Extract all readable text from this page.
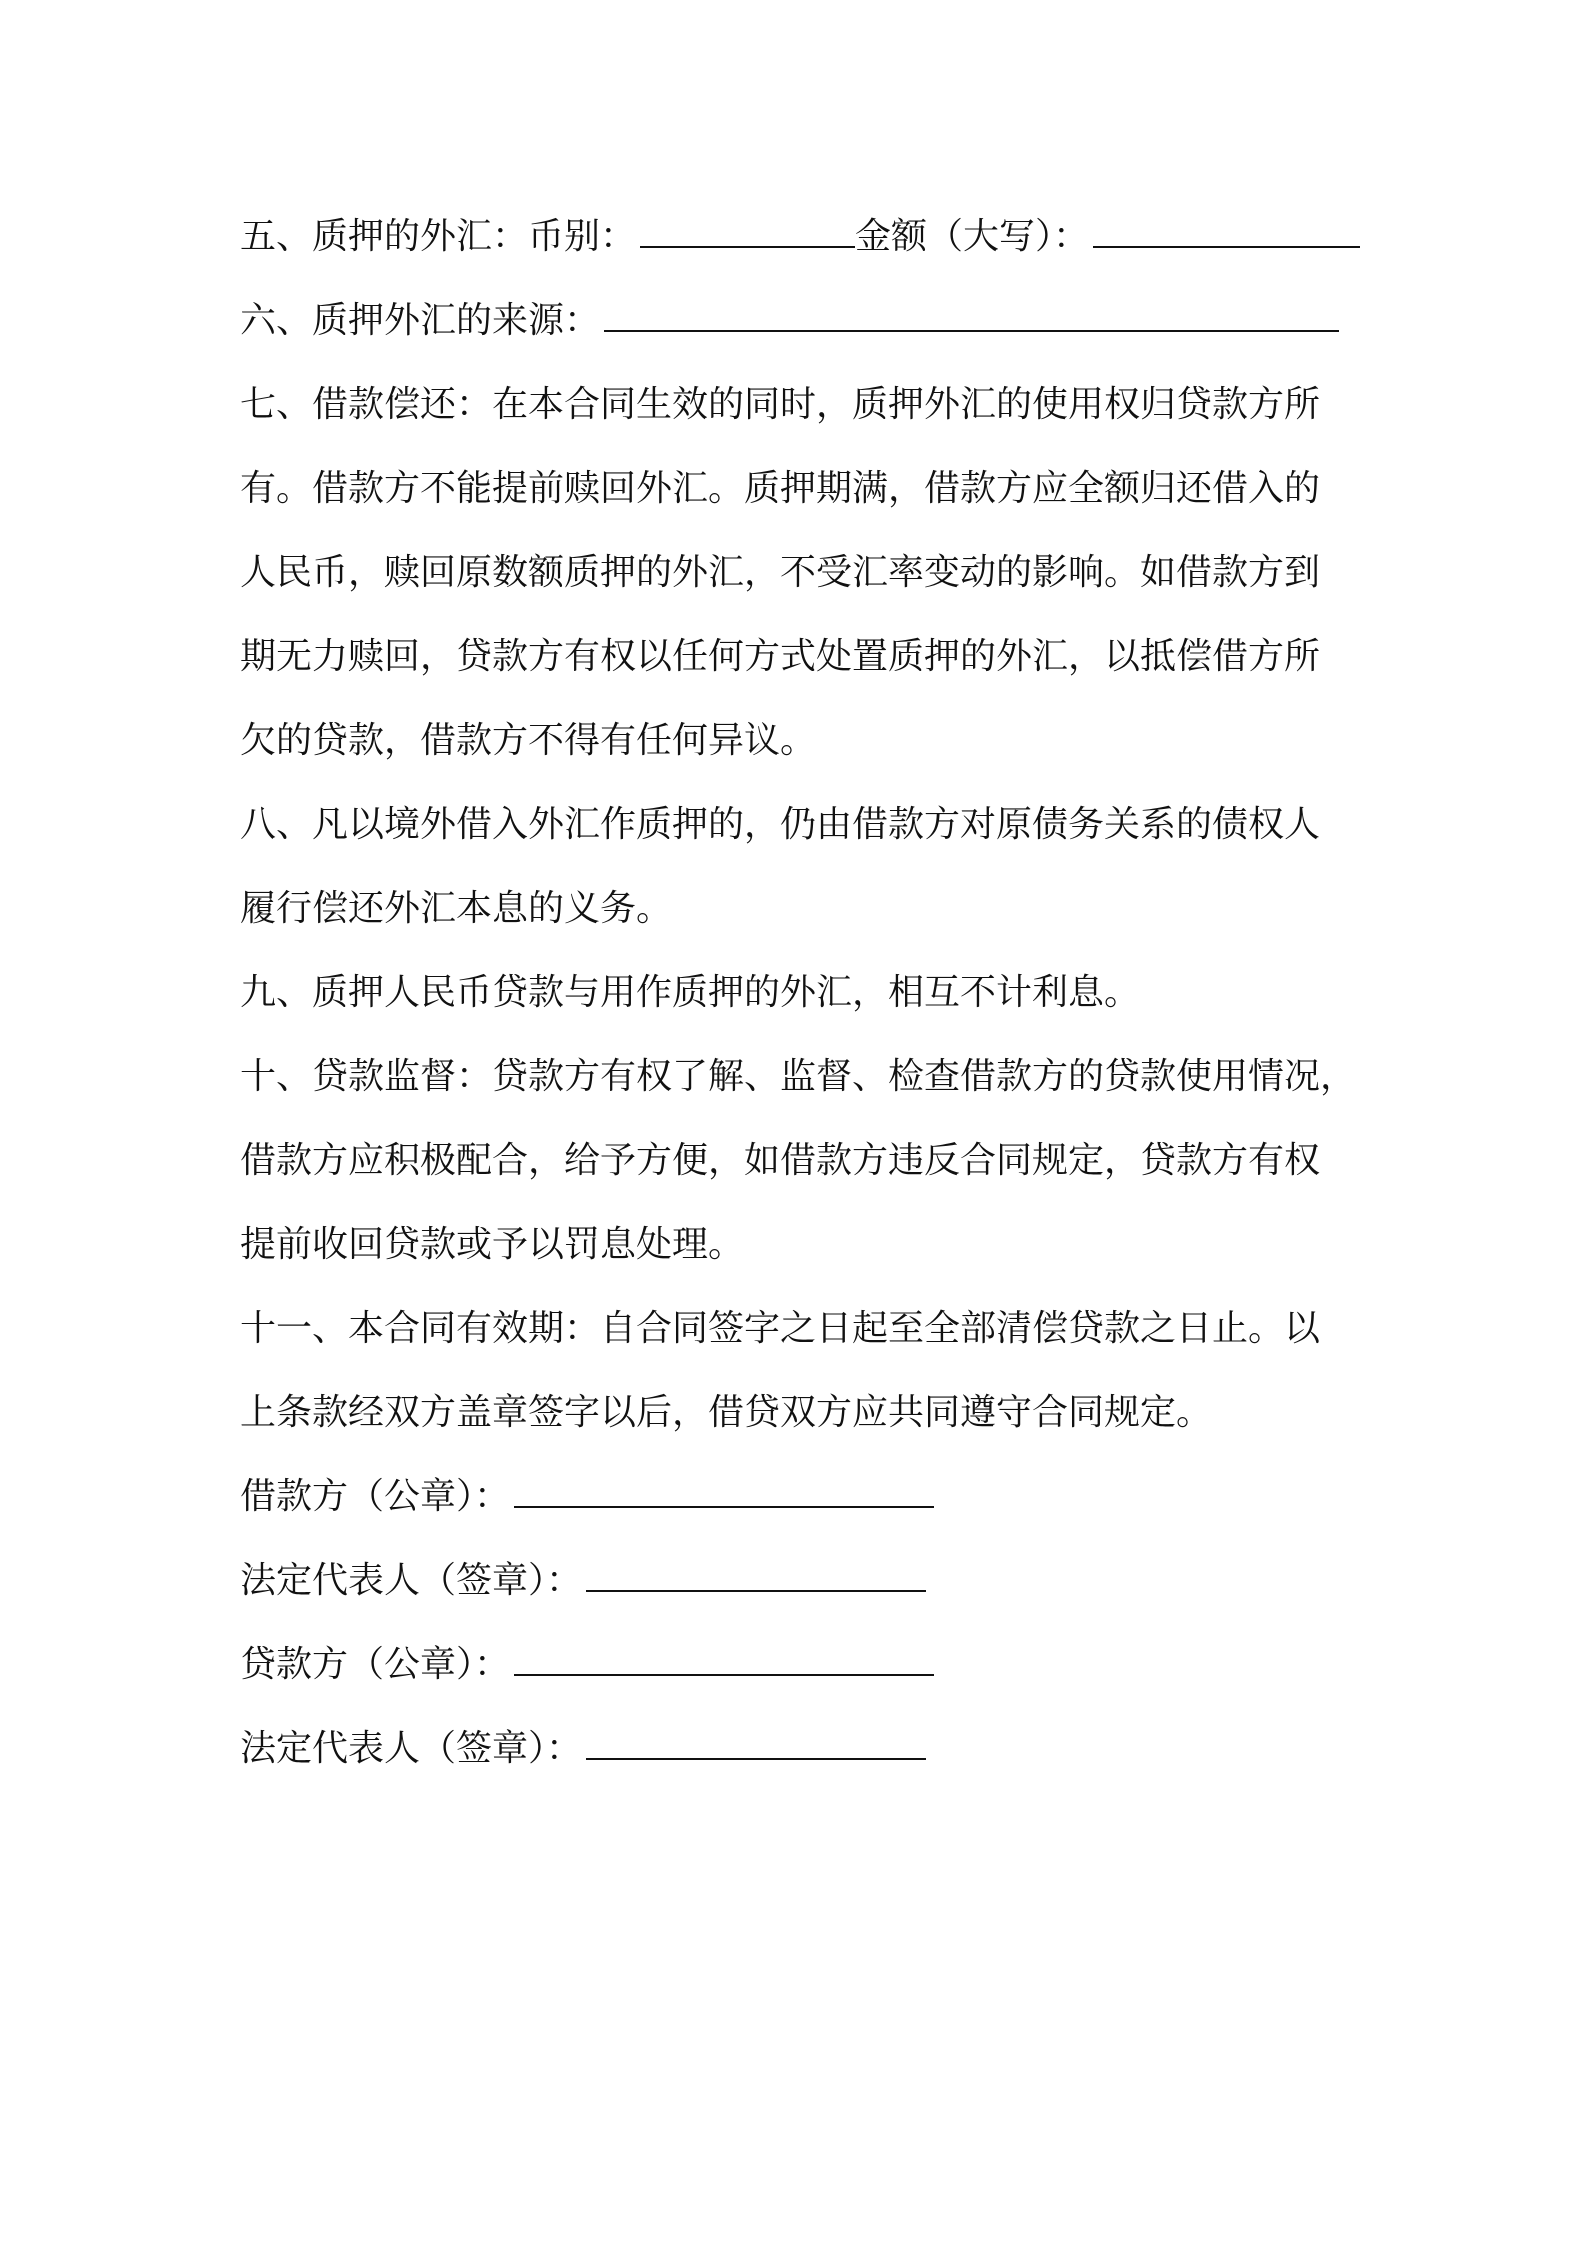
五、质押的外汇：币别：	金额（大写）：
六、质押外汇的来源：
七、借款偿还：在本合同生效的同时，质押外汇的使用权归贷款方所
有。借款方不能提前赎回外汇。质押期满，借款方应全额归还借入的
人民币，赎回原数额质押的外汇，不受汇率变动的影响。如借款方到
期无力赎回，贷款方有权以任何方式处置质押的外汇，以抵偿借方所
欠的贷款，借款方不得有任何异议。
八、凡以境外借入外汇作质押的，仍由借款方对原债务关系的债权人
履行偿还外汇本息的义务。
九、质押人民币贷款与用作质押的外汇，相互不计利息。
十、贷款监督：贷款方有权了解、监督、检查借款方的贷款使用情况，
借款方应积极配合，给予方便，如借款方违反合同规定，贷款方有权
提前收回贷款或予以罚息处理。
十一、本合同有效期：自合同签字之日起至全部清偿贷款之日止。以
上条款经双方盖章签字以后，借贷双方应共同遵守合同规定。
借款方（公章）：
法定代表人（签章）：
贷款方（公章）：
法定代表人（签章）：
